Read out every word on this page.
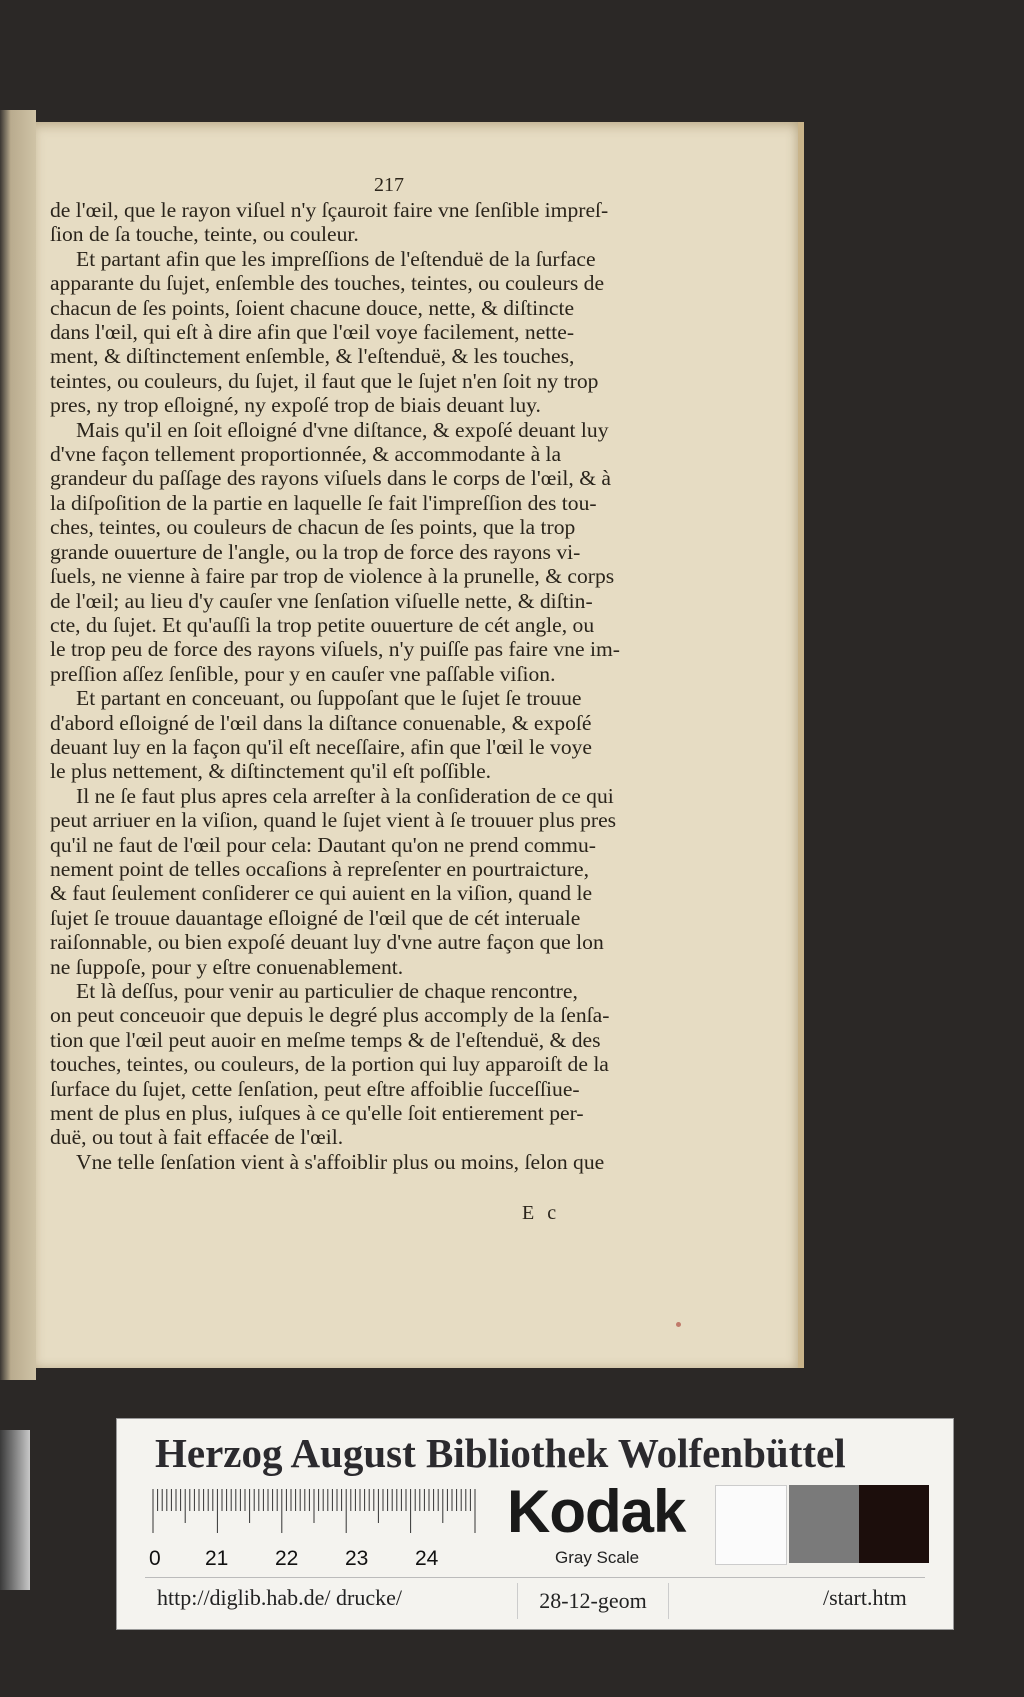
217
de l'œil, que le rayon viſuel n'y ſçauroit faire vne ſenſible impreſ-
ſion de ſa touche, teinte, ou couleur.
Et partant afin que les impreſſions de l'eſtenduë de la ſurface
apparante du ſujet, enſemble des touches, teintes, ou couleurs de
chacun de ſes points, ſoient chacune douce, nette, & diſtincte
dans l'œil, qui eſt à dire afin que l'œil voye facilement, nette-
ment, & diſtinctement enſemble, & l'eſtenduë, & les touches,
teintes, ou couleurs, du ſujet, il faut que le ſujet n'en ſoit ny trop
pres, ny trop eſloigné, ny expoſé trop de biais deuant luy.
Mais qu'il en ſoit eſloigné d'vne diſtance, & expoſé deuant luy
d'vne façon tellement proportionnée, & accommodante à la
grandeur du paſſage des rayons viſuels dans le corps de l'œil, & à
la diſpoſition de la partie en laquelle ſe fait l'impreſſion des tou-
ches, teintes, ou couleurs de chacun de ſes points, que la trop
grande ouuerture de l'angle, ou la trop de force des rayons vi-
ſuels, ne vienne à faire par trop de violence à la prunelle, & corps
de l'œil; au lieu d'y cauſer vne ſenſation viſuelle nette, & diſtin-
cte, du ſujet. Et qu'auſſi la trop petite ouuerture de cét angle, ou
le trop peu de force des rayons viſuels, n'y puiſſe pas faire vne im-
preſſion aſſez ſenſible, pour y en cauſer vne paſſable viſion.
Et partant en conceuant, ou ſuppoſant que le ſujet ſe trouue
d'abord eſloigné de l'œil dans la diſtance conuenable, & expoſé
deuant luy en la façon qu'il eſt neceſſaire, afin que l'œil le voye
le plus nettement, & diſtinctement qu'il eſt poſſible.
Il ne ſe faut plus apres cela arreſter à la conſideration de ce qui
peut arriuer en la viſion, quand le ſujet vient à ſe trouuer plus pres
qu'il ne faut de l'œil pour cela: Dautant qu'on ne prend commu-
nement point de telles occaſions à repreſenter en pourtraicture,
& faut ſeulement conſiderer ce qui auient en la viſion, quand le
ſujet ſe trouue dauantage eſloigné de l'œil que de cét interuale
raiſonnable, ou bien expoſé deuant luy d'vne autre façon que lon
ne ſuppoſe, pour y eſtre conuenablement.
Et là deſſus, pour venir au particulier de chaque rencontre,
on peut conceuoir que depuis le degré plus accomply de la ſenſa-
tion que l'œil peut auoir en meſme temps & de l'eſtenduë, & des
touches, teintes, ou couleurs, de la portion qui luy apparoiſt de la
ſurface du ſujet, cette ſenſation, peut eſtre affoiblie ſucceſſiue-
ment de plus en plus, iuſques à ce qu'elle ſoit entierement per-
duë, ou tout à fait effacée de l'œil.
Vne telle ſenſation vient à s'affoiblir plus ou moins, ſelon que
E c
Herzog August Bibliothek Wolfenbüttel
0 21 22 23 24
Kodak
Gray Scale
http://diglib.hab.de/ drucke/	28-12-geom	/start.htm
